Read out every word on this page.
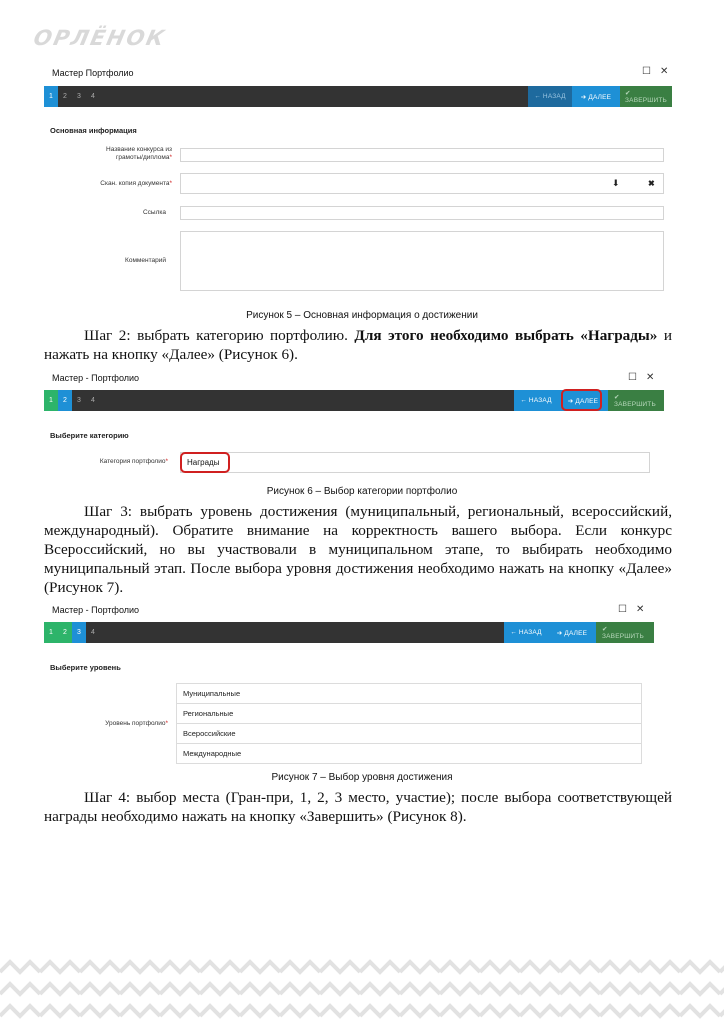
ОРЛЁНОК
Мастер Портфолио	☐ ✕
1	2	3	4	← НАЗАД	➔ ДАЛЕЕ	✔ ЗАВЕРШИТЬ
Основная информация
Название конкурса из грамоты/диплома*
Скан. копия документа*	⬇	✖
Ссылка
Комментарий
Рисунок 5 – Основная информация о достижении
Шаг 2: выбрать категорию портфолию. Для этого необходимо выбрать «Награды» и нажать на кнопку «Далее» (Рисунок 6).
Мастер - Портфолио	☐ ✕
1	2	3	4	← НАЗАД	➔ ДАЛЕЕ	✔ ЗАВЕРШИТЬ
Выберите категорию
Категория портфолио*	Награды
Рисунок 6 – Выбор категории портфолио
Шаг 3: выбрать уровень достижения (муниципальный, региональный, всероссийский, международный). Обратите внимание на корректность вашего выбора. Если конкурс Всероссийский, но вы участвовали в муниципальном этапе, то выбирать необходимо муниципальный этап. После выбора уровня достижения необходимо нажать на кнопку «Далее» (Рисунок 7).
Мастер - Портфолио	☐ ✕
1	2	3	4	← НАЗАД	➔ ДАЛЕЕ	✔ ЗАВЕРШИТЬ
Выберите уровень
Уровень портфолио*
Муниципальные
Региональные
Всероссийские
Международные
Рисунок 7 – Выбор уровня достижения
Шаг 4: выбор места (Гран-при, 1, 2, 3 место, участие); после выбора соответствующей награды необходимо нажать на кнопку «Завершить» (Рисунок 8).
